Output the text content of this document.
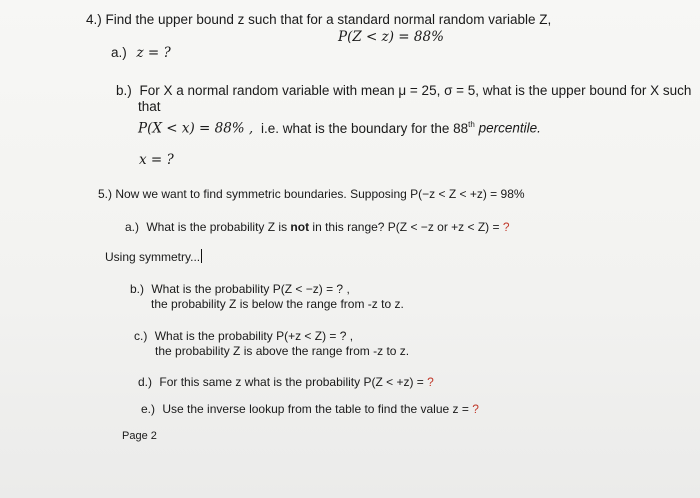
4.) Find the upper bound z such that for a standard normal random variable Z,
P(Z < z) = 88%
a.) z = ?
b.) For X a normal random variable with mean μ = 25, σ = 5, what is the upper bound for X such
that
P(X < x) = 88% , i.e. what is the boundary for the 88th percentile.
x = ?
5.) Now we want to find symmetric boundaries. Supposing P(−z < Z < +z) = 98%
a.) What is the probability Z is not in this range? P(Z < −z or +z < Z) = ?
Using symmetry...
b.) What is the probability P(Z < −z) = ? ,
the probability Z is below the range from -z to z.
c.) What is the probability P(+z < Z) = ? ,
the probability Z is above the range from -z to z.
d.) For this same z what is the probability P(Z < +z) = ?
e.) Use the inverse lookup from the table to find the value z = ?
Page 2
